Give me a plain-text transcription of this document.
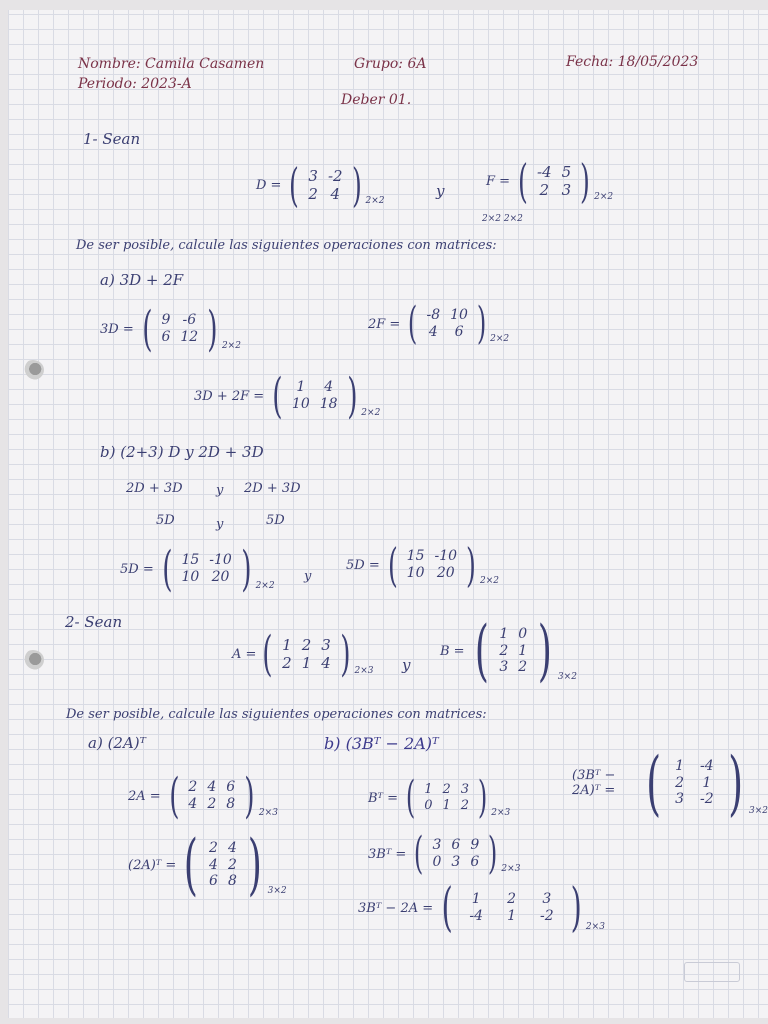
Nombre: Camila Casamen
Periodo: 2023-A
Grupo: 6A	Fecha: 18/05/2023
Deber 01.
1- Sean
D = ( 3	-2
2	4 ) 2×2
y
F = ( -4	5
2	3 ) 2×2
2×2 2×2
De ser posible, calcule las siguientes operaciones con matrices:
a) 3D + 2F
3D = ( 9	-6
6	12 ) 2×2
2F = ( -8	10
4	6 ) 2×2
3D + 2F = ( 1	4
10	18 ) 2×2
b) (2+3) D y 2D + 3D
2D + 3D	y 2D + 3D
5D	y	5D
5D = ( 15	-10
10	20 ) 2×2
y
5D = ( 15	-10
10	20 ) 2×2
2- Sean
A = ( 1	2	3
2	1	4 ) 2×3 y
B = ( 1	0
2	1
3	2 ) 3×2
De ser posible, calcule las siguientes operaciones con matrices:
a) (2A)ᵀ	b) (3Bᵀ − 2A)ᵀ
2A = ( 2	4	6
4	2	8 ) 2×3
(2A)ᵀ = ( 2	4
4	2
6	8 ) 3×2
Bᵀ = ( 1	2	3
0	1	2 ) 2×3
3Bᵀ = ( 3	6	9
0	3	6 ) 2×3
3Bᵀ − 2A = ( 1	2	3
-4	1	-2 ) 2×3
(3Bᵀ − 2A)ᵀ = ( 1	-4
2	1
3	-2 ) 3×2
